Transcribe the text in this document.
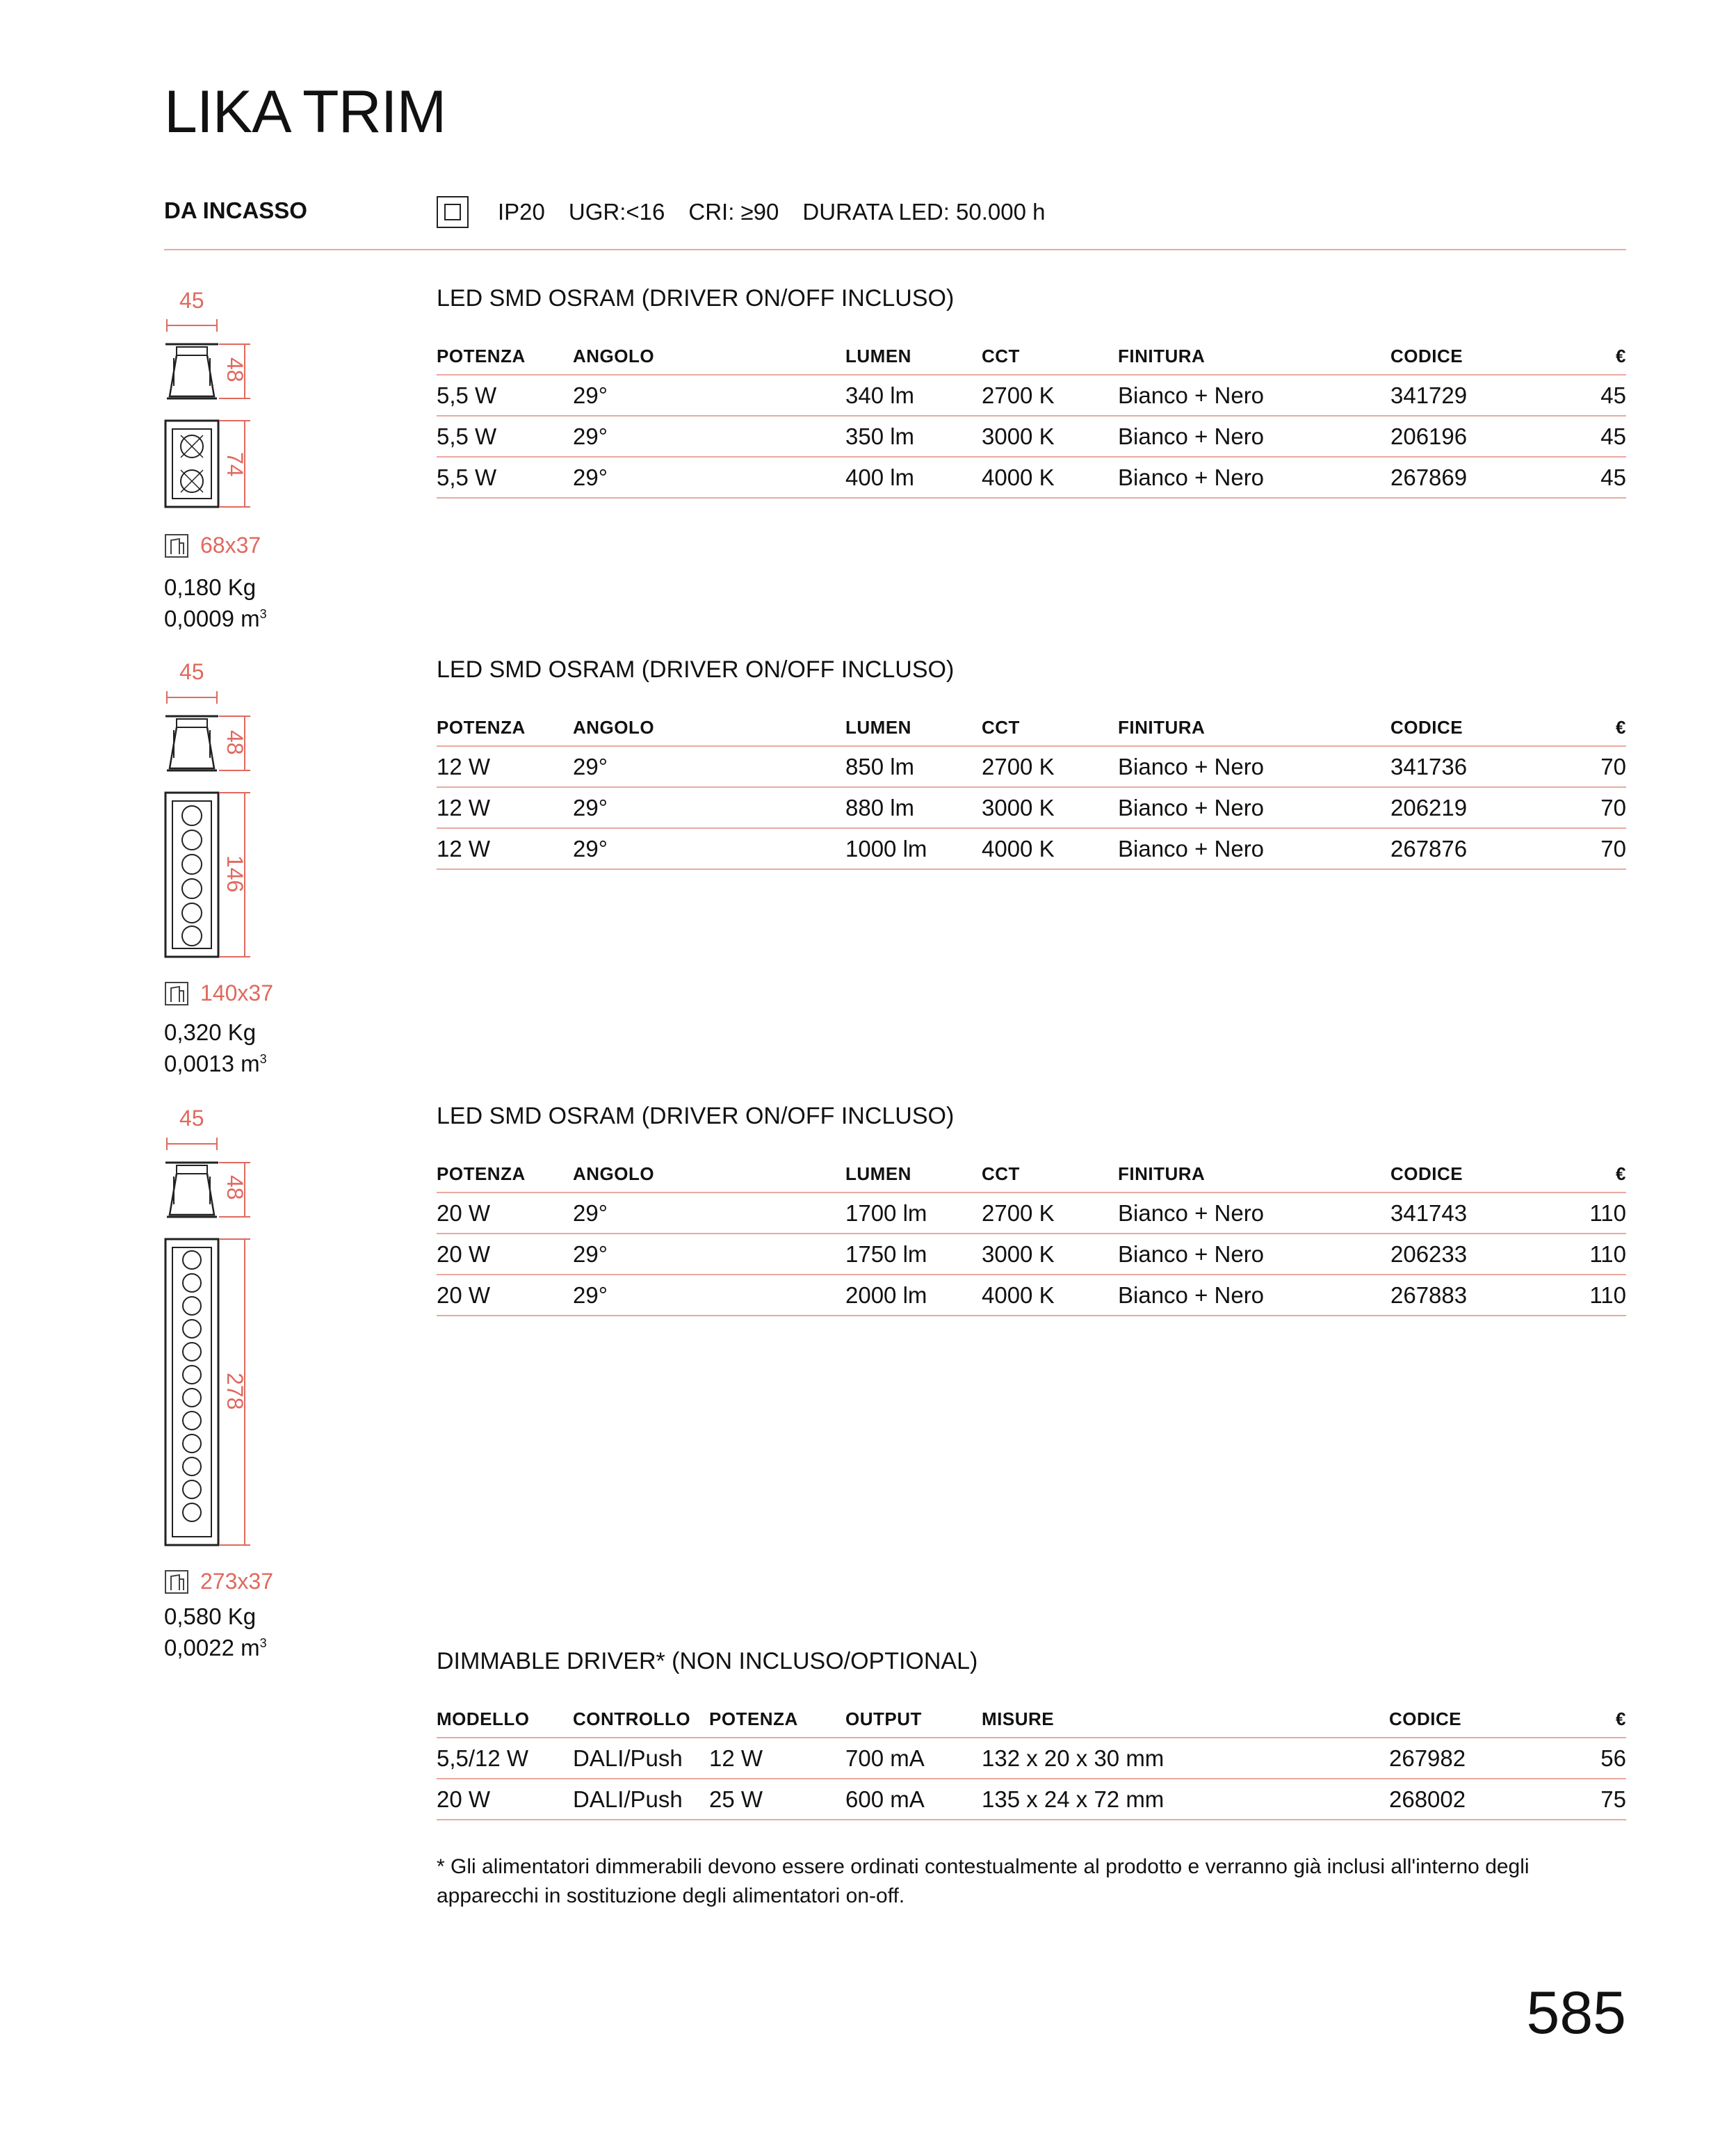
LIKA TRIM
DA INCASSO	IP20 UGR:<16 CRI: ≥90 DURATA LED: 50.000 h
45
48
74
68x37
0,180 Kg
0,0009 $m^3$
LED SMD OSRAM (DRIVER ON/OFF INCLUSO)
POTENZA	ANGOLO	LUMEN	CCT	FINITURA	CODICE	€
5,5 W	29°	340 lm	2700 K	Bianco + Nero	341729	45
5,5 W	29°	350 lm	3000 K	Bianco + Nero	206196	45
5,5 W	29°	400 lm	4000 K	Bianco + Nero	267869	45
45
48
146
140x37
0,320 Kg
0,0013 $m^3$
LED SMD OSRAM (DRIVER ON/OFF INCLUSO)
POTENZA	ANGOLO	LUMEN	CCT	FINITURA	CODICE	€
12 W	29°	850 lm	2700 K	Bianco + Nero	341736	70
12 W	29°	880 lm	3000 K	Bianco + Nero	206219	70
12 W	29°	1000 lm	4000 K	Bianco + Nero	267876	70
45
48
278
273x37
0,580 Kg
0,0022 $m^3$
LED SMD OSRAM (DRIVER ON/OFF INCLUSO)
POTENZA	ANGOLO	LUMEN	CCT	FINITURA	CODICE	€
20 W	29°	1700 lm	2700 K	Bianco + Nero	341743	110
20 W	29°	1750 lm	3000 K	Bianco + Nero	206233	110
20 W	29°	2000 lm	4000 K	Bianco + Nero	267883	110
DIMMABLE DRIVER* (NON INCLUSO/OPTIONAL)
MODELLO	CONTROLLO	POTENZA	OUTPUT	MISURE	CODICE	€
5,5/12 W	DALI/Push	12 W	700 mA	132 x 20 x 30 mm	267982	56
20 W	DALI/Push	25 W	600 mA	135 x 24 x 72 mm	268002	75
* Gli alimentatori dimmerabili devono essere ordinati contestualmente al prodotto e verranno già inclusi all'interno degli apparecchi in sostituzione degli alimentatori on-off.
585
